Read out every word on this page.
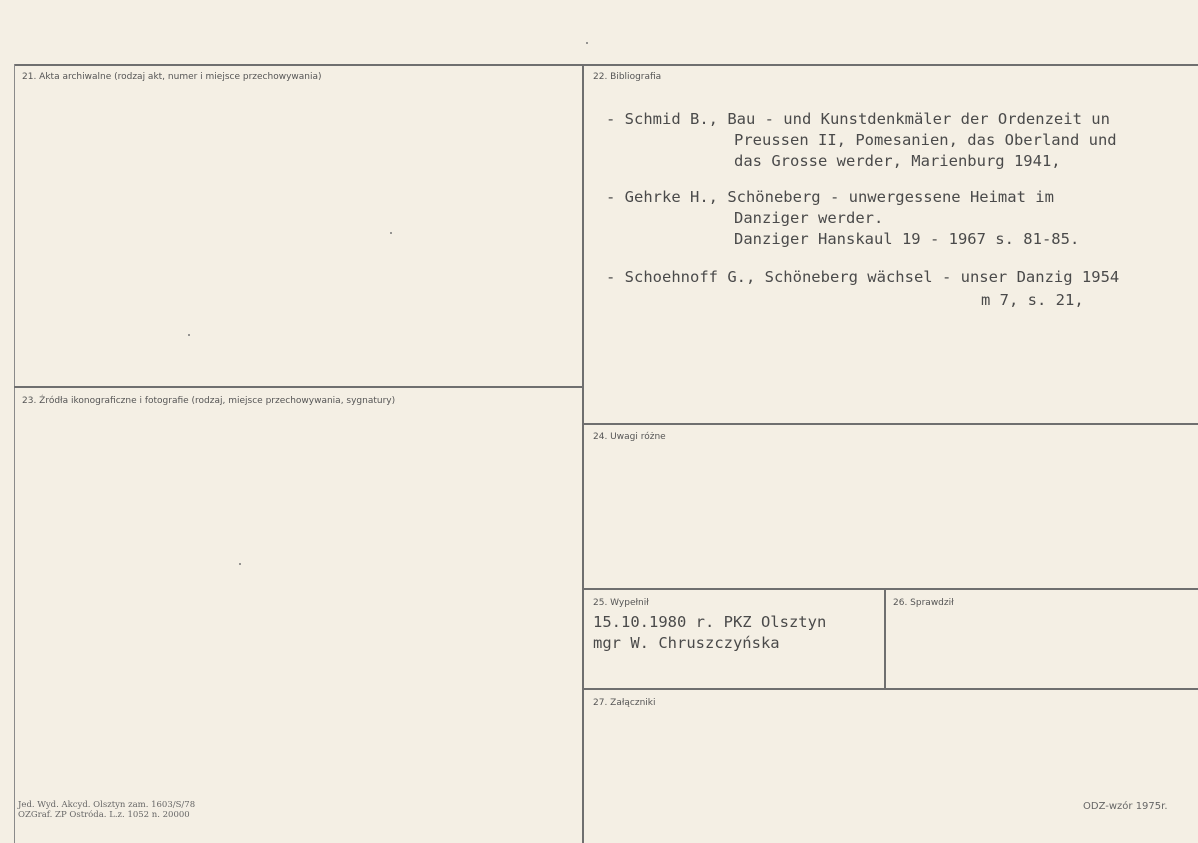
21. Akta archiwalne (rodzaj akt, numer i miejsce przechowywania)	22. Bibliografia
23. Źródła ikonograficzne i fotografie (rodzaj, miejsce przechowywania, sygnatury)
24. Uwagi różne
25. Wypełnił	26. Sprawdził
27. Załączniki
- Schmid B., Bau - und Kunstdenkmäler der Ordenzeit un
Preussen II, Pomesanien, das Oberland und
das Grosse werder, Marienburg 1941,
- Gehrke H., Schöneberg - unwergessene Heimat im
Danziger werder.
Danziger Hanskaul 19 - 1967 s. 81-85.
- Schoehnoff G., Schöneberg wächsel - unser Danzig 1954
m 7, s. 21,
15.10.1980 r. PKZ Olsztyn
mgr W. Chruszczyńska
Jed. Wyd. Akcyd. Olsztyn zam. 1603/S/78
OZGraf. ZP Ostróda. L.z. 1052 n. 20000
ODZ-wzór 1975r.
